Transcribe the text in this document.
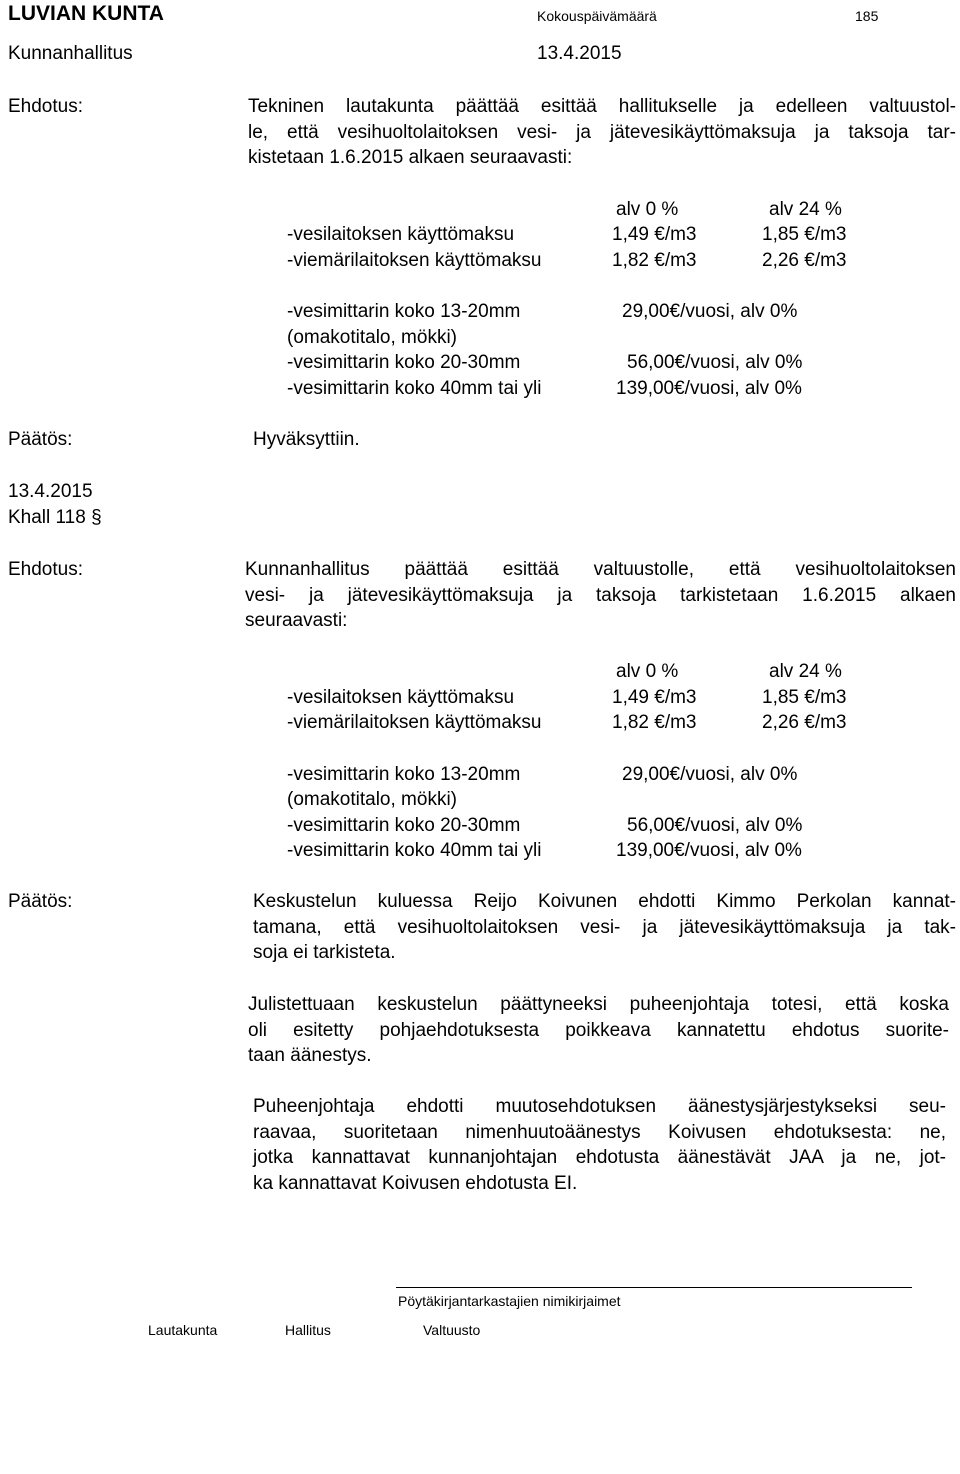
LUVIAN KUNTA	Kokouspäivämäärä	185
Kunnanhallitus	13.4.2015
Ehdotus:	Tekninen lautakunta päättää esittää hallitukselle ja edelleen valtuustol-
le, että vesihuoltolaitoksen vesi- ja jätevesikäyttömaksuja ja taksoja tar-
kistetaan 1.6.2015 alkaen seuraavasti:
alv 0 %	alv 24 %
-vesilaitoksen käyttömaksu	1,49 €/m3	1,85 €/m3
-viemärilaitoksen käyttömaksu	1,82 €/m3	2,26 €/m3
-vesimittarin koko 13-20mm	29,00€/vuosi, alv 0%
(omakotitalo, mökki)
-vesimittarin koko 20-30mm	56,00€/vuosi, alv 0%
-vesimittarin koko 40mm tai yli	139,00€/vuosi, alv 0%
Päätös:	Hyväksyttiin.
13.4.2015
Khall 118 §
Ehdotus:	Kunnanhallitus päättää esittää valtuustolle, että vesihuoltolaitoksen
vesi- ja jätevesikäyttömaksuja ja taksoja tarkistetaan 1.6.2015 alkaen
seuraavasti:
alv 0 %	alv 24 %
-vesilaitoksen käyttömaksu	1,49 €/m3	1,85 €/m3
-viemärilaitoksen käyttömaksu	1,82 €/m3	2,26 €/m3
-vesimittarin koko 13-20mm	29,00€/vuosi, alv 0%
(omakotitalo, mökki)
-vesimittarin koko 20-30mm	56,00€/vuosi, alv 0%
-vesimittarin koko 40mm tai yli	139,00€/vuosi, alv 0%
Päätös:	Keskustelun kuluessa Reijo Koivunen ehdotti Kimmo Perkolan kannat-
tamana, että vesihuoltolaitoksen vesi- ja jätevesikäyttömaksuja ja tak-
soja ei tarkisteta.
Julistettuaan keskustelun päättyneeksi puheenjohtaja totesi, että koska
oli esitetty pohjaehdotuksesta poikkeava kannatettu ehdotus suorite-
taan äänestys.
Puheenjohtaja ehdotti muutosehdotuksen äänestysjärjestykseksi seu-
raavaa, suoritetaan nimenhuutoäänestys Koivusen ehdotuksesta: ne,
jotka kannattavat kunnanjohtajan ehdotusta äänestävät JAA ja ne, jot-
ka kannattavat Koivusen ehdotusta EI.
Pöytäkirjantarkastajien nimikirjaimet
Lautakunta	Hallitus	Valtuusto
